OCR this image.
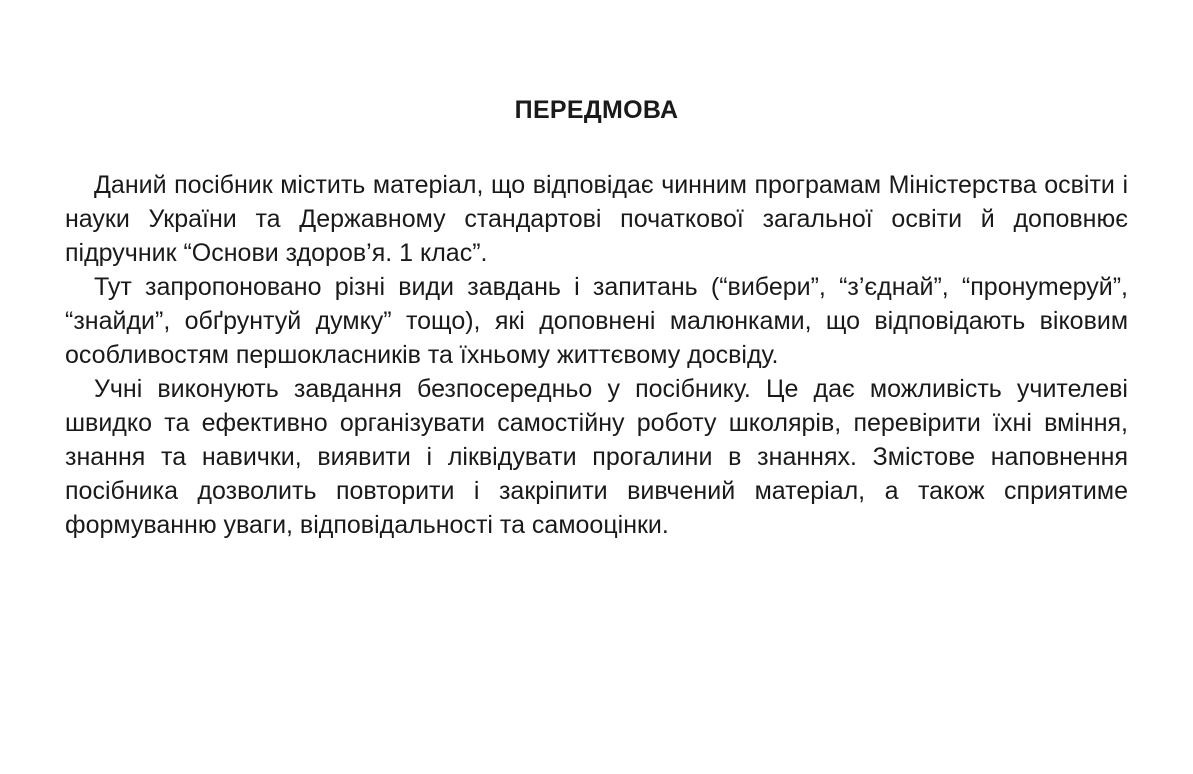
ПЕРЕДМОВА

Даний посібник містить матеріал, що відповідає чинним програмам Міністерства освіти і науки України та Державному стандартові початкової загальної освіти й доповнює підручник “Основи здоров’я. 1 клас”.

Тут запропоновано різні види завдань і запитань (“вибери”, “з’єднай”, “пронуmеруй”, “знайди”, обґрунтуй думку” тощо), які доповнені малюнками, що відповідають віковим особливостям першокласників та їхньому життєвому досвіду.

Учні виконують завдання безпосередньо у посібнику. Це дає можливість учителеві швидко та ефективно організувати самостійну роботу школярів, перевірити їхні вміння, знання та навички, виявити і ліквідувати прогалини в знаннях. Змістове наповнення посібника дозволить повторити і закріпити вивчений матеріал, а також сприятиме формуванню уваги, відповідальності та самооцінки.
